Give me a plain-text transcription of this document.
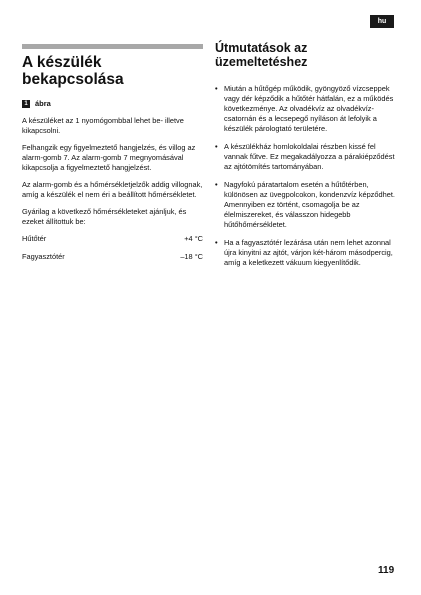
hu
A készülék bekapcsolása
1 ábra

A készüléket az 1 nyomógombbal lehet be- illetve kikapcsolni.

Felhangzik egy figyelmeztető hangjelzés, és villog az alarm-gomb 7. Az alarm-gomb 7 megnyomásával kikapcsolja a figyelmeztető hangjelzést.

Az alarm-gomb és a hőmérsékletjelzők addig villognak, amíg a készülék el nem éri a beállított hőmérsékletet.

Gyárilag a következő hőmérsékleteket ajánljuk, és ezeket állítottuk be:

Hűtőtér	+4 °C
Fagyasztótér	–18 °C
Útmutatások az üzemeltetéshez
• Miután a hűtőgép működik, gyöngyöző vízcseppek vagy dér képződik a hűtőtér hátfalán, ez a működés következménye. Az olvadékvíz az olvadékvíz-csatornán és a lecsepegő nyíláson át lefolyik a készülék párologtató területére.
• A készülékház homlokoldalai részben kissé fel vannak fűtve. Ez megakadályozza a párakiépződést az ajtótömítés tartományában.
• Nagyfokú páratartalom esetén a hűtőtérben, különösen az üvegpolcokon, kondenzvíz képződhet. Amennyiben ez történt, csomagolja be az élelmiszereket, és válasszon hidegebb hűtőhőmérsékletet.
• Ha a fagyasztótér lezárása után nem lehet azonnal újra kinyitni az ajtót, várjon két-három másodpercig, amíg a keletkezett vákuum kiegyenlítődik.
119
